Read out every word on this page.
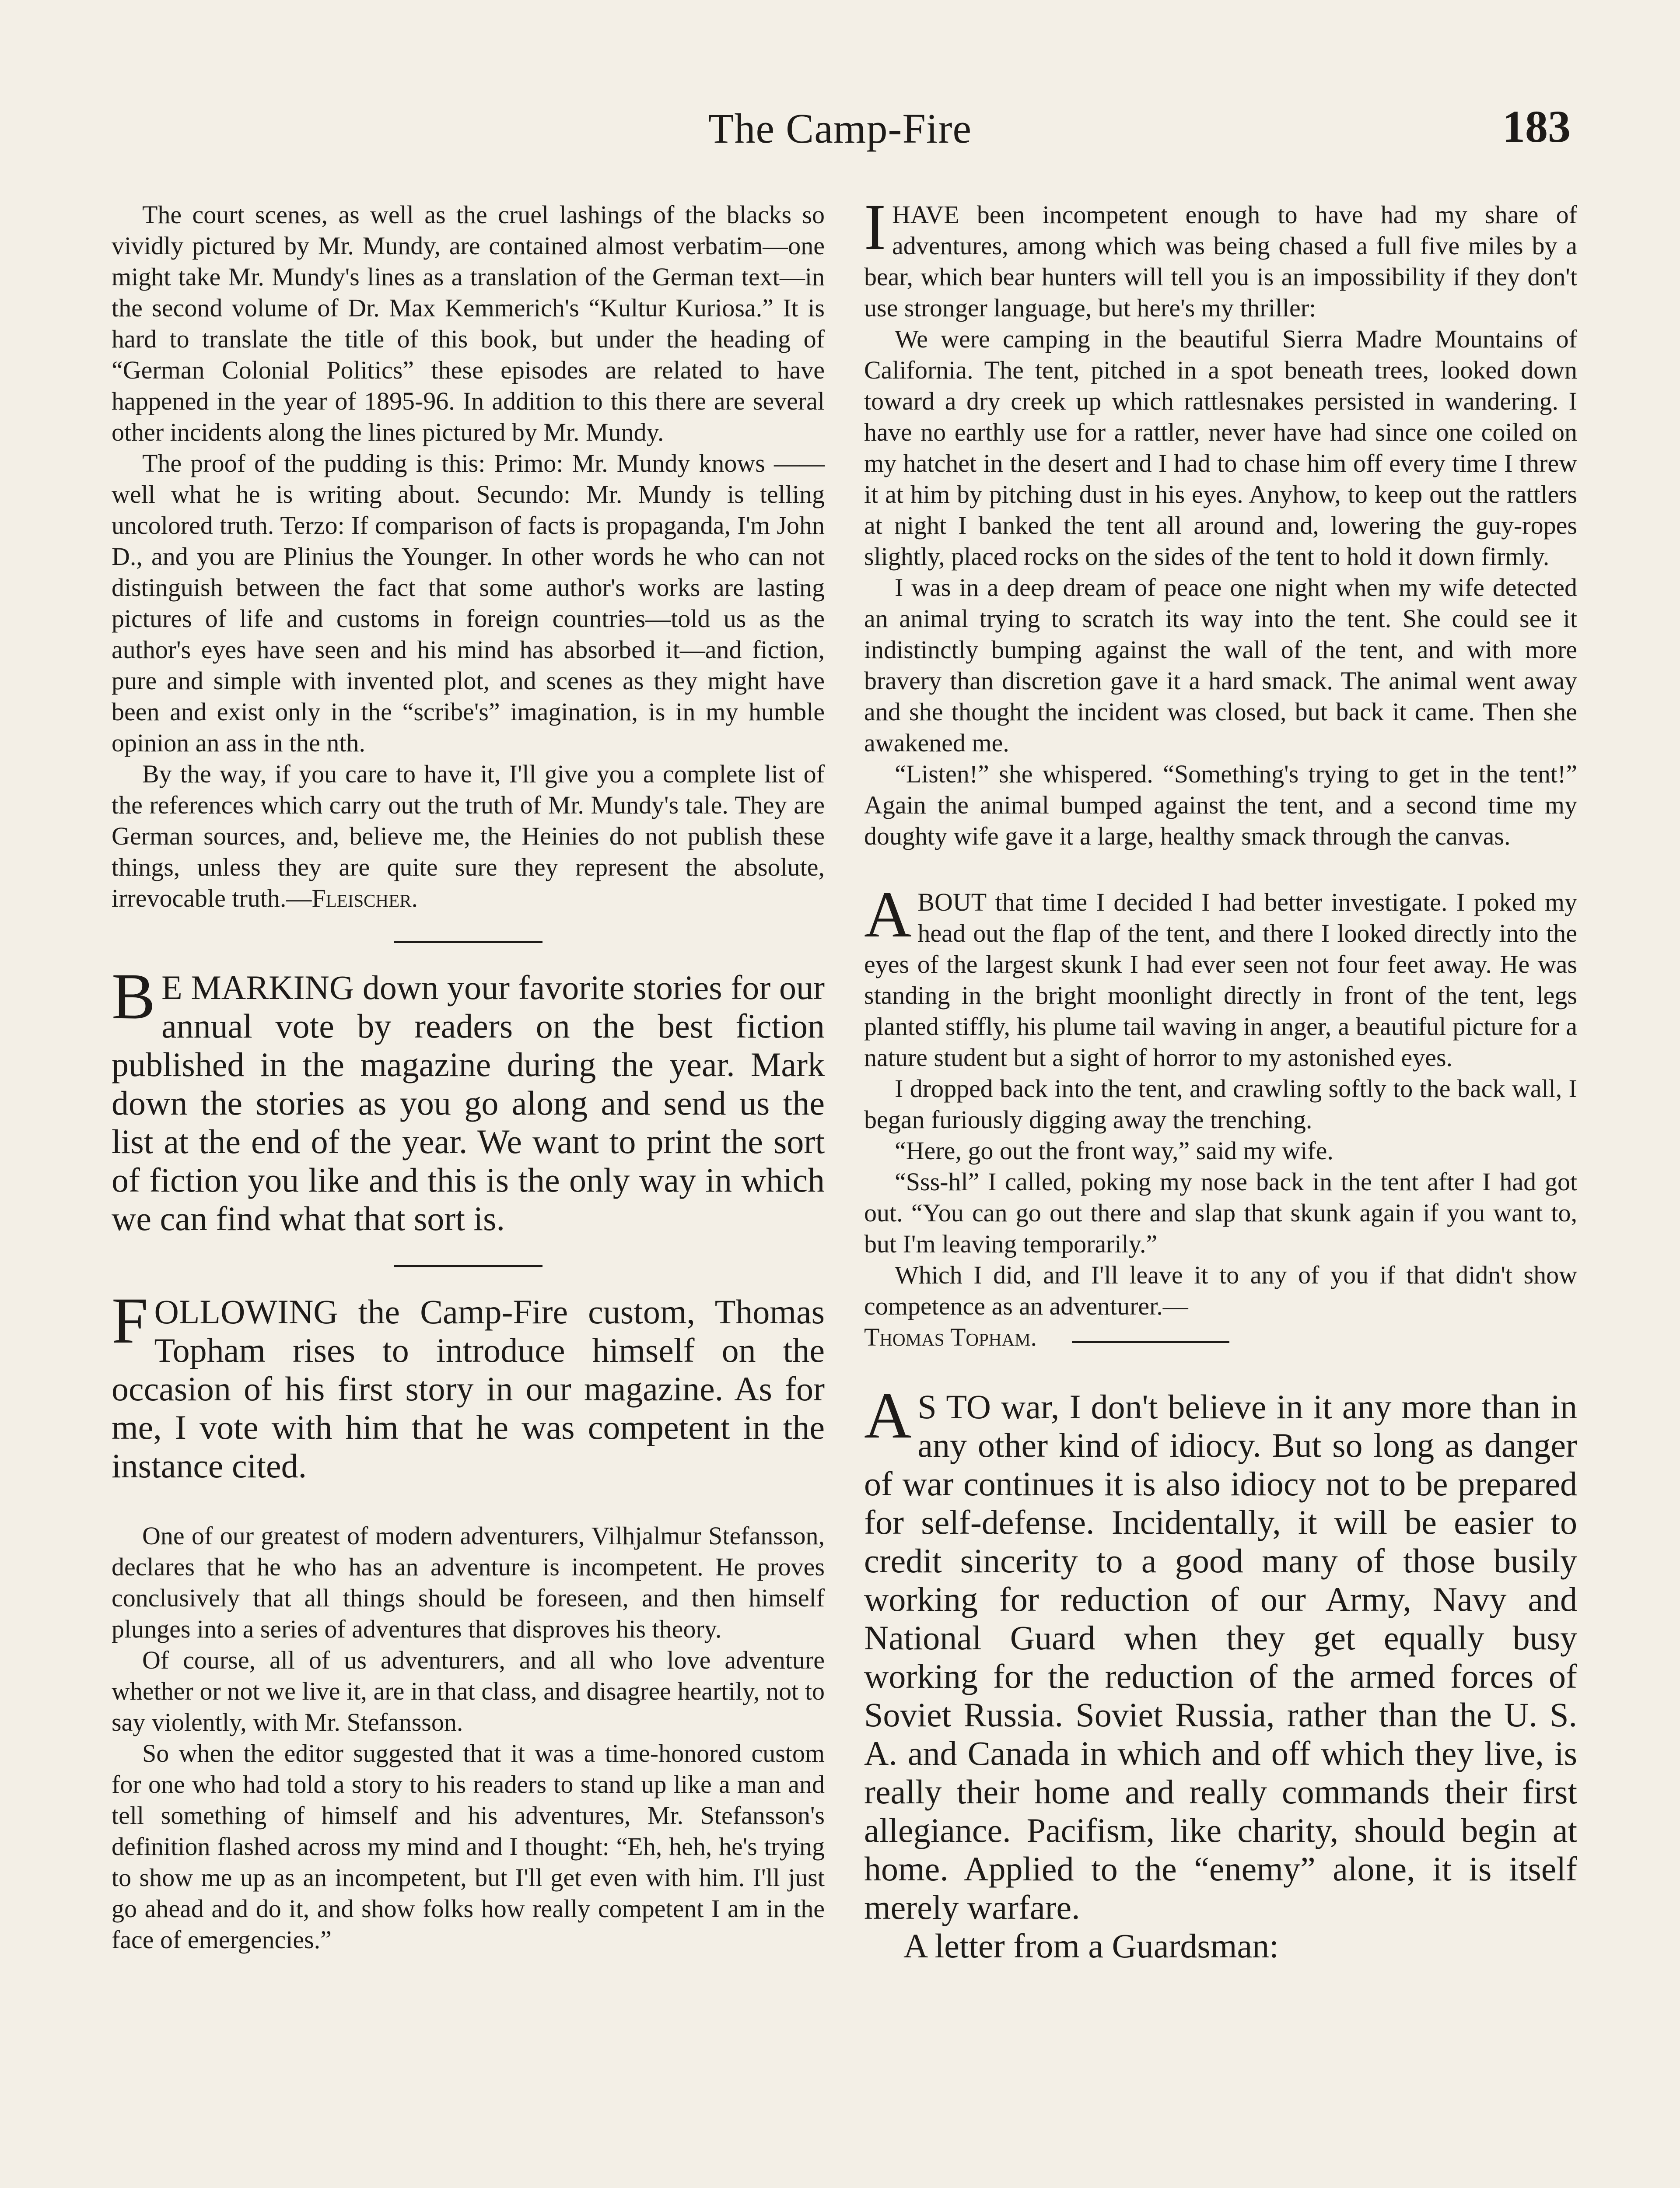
The Camp-Fire	183

The court scenes, as well as the cruel lashings of the blacks so vividly pictured by Mr. Mundy, are contained almost verbatim—one might take Mr. Mundy's lines as a translation of the German text—in the second volume of Dr. Max Kemmerich's “Kultur Kuriosa.” It is hard to translate the title of this book, but under the heading of “German Colonial Politics” these episodes are related to have happened in the year of 1895-96. In addition to this there are several other incidents along the lines pictured by Mr. Mundy.

The proof of the pudding is this: Primo: Mr. Mundy knows —— well what he is writing about. Secundo: Mr. Mundy is telling uncolored truth. Terzo: If comparison of facts is propaganda, I'm John D., and you are Plinius the Younger. In other words he who can not distinguish between the fact that some author's works are lasting pictures of life and customs in foreign countries—told us as the author's eyes have seen and his mind has absorbed it—and fiction, pure and simple with invented plot, and scenes as they might have been and exist only in the “scribe's” imagination, is in my humble opinion an ass in the nth.

By the way, if you care to have it, I'll give you a complete list of the references which carry out the truth of Mr. Mundy's tale. They are German sources, and, believe me, the Heinies do not publish these things, unless they are quite sure they represent the absolute, irrevocable truth.—Fleischer.

B E MARKING down your favorite stories for our annual vote by readers on the best fiction published in the magazine during the year. Mark down the stories as you go along and send us the list at the end of the year. We want to print the sort of fiction you like and this is the only way in which we can find what that sort is.

FOLLOWING the Camp-Fire custom, Thomas Topham rises to introduce himself on the occasion of his first story in our magazine. As for me, I vote with him that he was competent in the instance cited.

One of our greatest of modern adventurers, Vilhjalmur Stefansson, declares that he who has an adventure is incompetent. He proves conclusively that all things should be foreseen, and then himself plunges into a series of adventures that disproves his theory.

Of course, all of us adventurers, and all who love adventure whether or not we live it, are in that class, and disagree heartily, not to say violently, with Mr. Stefansson.

So when the editor suggested that it was a time-honored custom for one who had told a story to his readers to stand up like a man and tell something of himself and his adventures, Mr. Stefansson's definition flashed across my mind and I thought: “Eh, heh, he's trying to show me up as an incompetent, but I'll get even with him. I'll just go ahead and do it, and show folks how really competent I am in the face of emergencies.”

IHAVE been incompetent enough to have had my share of adventures, among which was being chased a full five miles by a bear, which bear hunters will tell you is an impossibility if they don't use stronger language, but here's my thriller:

We were camping in the beautiful Sierra Madre Mountains of California. The tent, pitched in a spot beneath trees, looked down toward a dry creek up which rattlesnakes persisted in wandering. I have no earthly use for a rattler, never have had since one coiled on my hatchet in the desert and I had to chase him off every time I threw it at him by pitching dust in his eyes. Anyhow, to keep out the rattlers at night I banked the tent all around and, lowering the guy-ropes slightly, placed rocks on the sides of the tent to hold it down firmly.

I was in a deep dream of peace one night when my wife detected an animal trying to scratch its way into the tent. She could see it indistinctly bumping against the wall of the tent, and with more bravery than discretion gave it a hard smack. The animal went away and she thought the incident was closed, but back it came. Then she awakened me.

“Listen!” she whispered. “Something's trying to get in the tent!” Again the animal bumped against the tent, and a second time my doughty wife gave it a large, healthy smack through the canvas.

ABOUT that time I decided I had better investigate. I poked my head out the flap of the tent, and there I looked directly into the eyes of the largest skunk I had ever seen not four feet away. He was standing in the bright moonlight directly in front of the tent, legs planted stiffly, his plume tail waving in anger, a beautiful picture for a nature student but a sight of horror to my astonished eyes.

I dropped back into the tent, and crawling softly to the back wall, I began furiously digging away the trenching.

“Here, go out the front way,” said my wife.

“Sss-hl” I called, poking my nose back in the tent after I had got out. “You can go out there and slap that skunk again if you want to, but I'm leaving temporarily.”

Which I did, and I'll leave it to any of you if that didn't show competence as an adventurer.—

Thomas Topham.

A S TO war, I don't believe in it any more than in any other kind of idiocy. But so long as danger of war continues it is also idiocy not to be prepared for self-defense. Incidentally, it will be easier to credit sincerity to a good many of those busily working for reduction of our Army, Navy and National Guard when they get equally busy working for the reduction of the armed forces of Soviet Russia. Soviet Russia, rather than the U. S. A. and Canada in which and off which they live, is really their home and really commands their first allegiance. Pacifism, like charity, should begin at home. Applied to the “enemy” alone, it is itself merely warfare.

A letter from a Guardsman:
